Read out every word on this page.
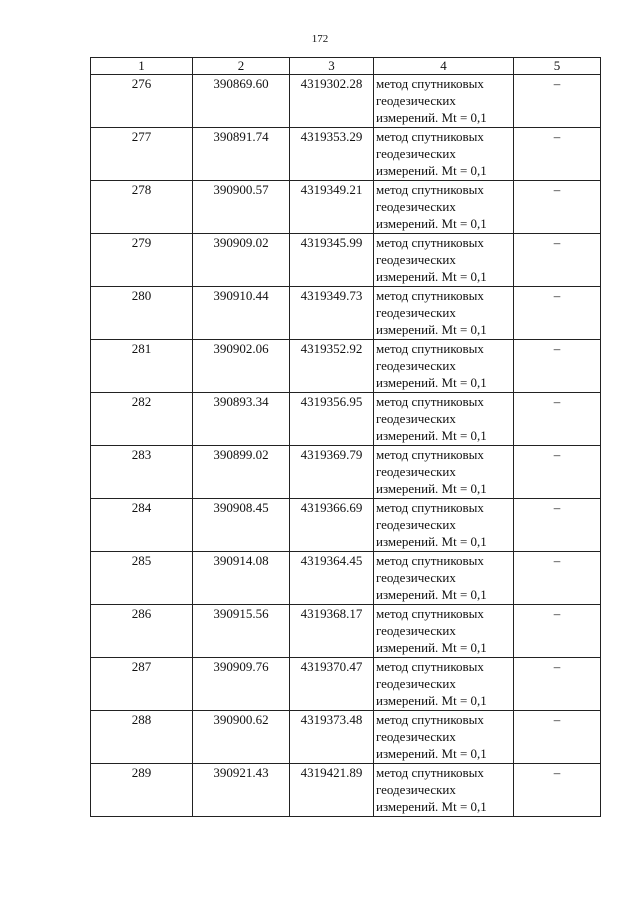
172
1	2	3	4	5
276	390869.60	4319302.28	метод спутниковых
геодезических
измерений. Mt = 0,1	–
277	390891.74	4319353.29	метод спутниковых
геодезических
измерений. Mt = 0,1	–
278	390900.57	4319349.21	метод спутниковых
геодезических
измерений. Mt = 0,1	–
279	390909.02	4319345.99	метод спутниковых
геодезических
измерений. Mt = 0,1	–
280	390910.44	4319349.73	метод спутниковых
геодезических
измерений. Mt = 0,1	–
281	390902.06	4319352.92	метод спутниковых
геодезических
измерений. Mt = 0,1	–
282	390893.34	4319356.95	метод спутниковых
геодезических
измерений. Mt = 0,1	–
283	390899.02	4319369.79	метод спутниковых
геодезических
измерений. Mt = 0,1	–
284	390908.45	4319366.69	метод спутниковых
геодезических
измерений. Mt = 0,1	–
285	390914.08	4319364.45	метод спутниковых
геодезических
измерений. Mt = 0,1	–
286	390915.56	4319368.17	метод спутниковых
геодезических
измерений. Mt = 0,1	–
287	390909.76	4319370.47	метод спутниковых
геодезических
измерений. Mt = 0,1	–
288	390900.62	4319373.48	метод спутниковых
геодезических
измерений. Mt = 0,1	–
289	390921.43	4319421.89	метод спутниковых
геодезических
измерений. Mt = 0,1	–
